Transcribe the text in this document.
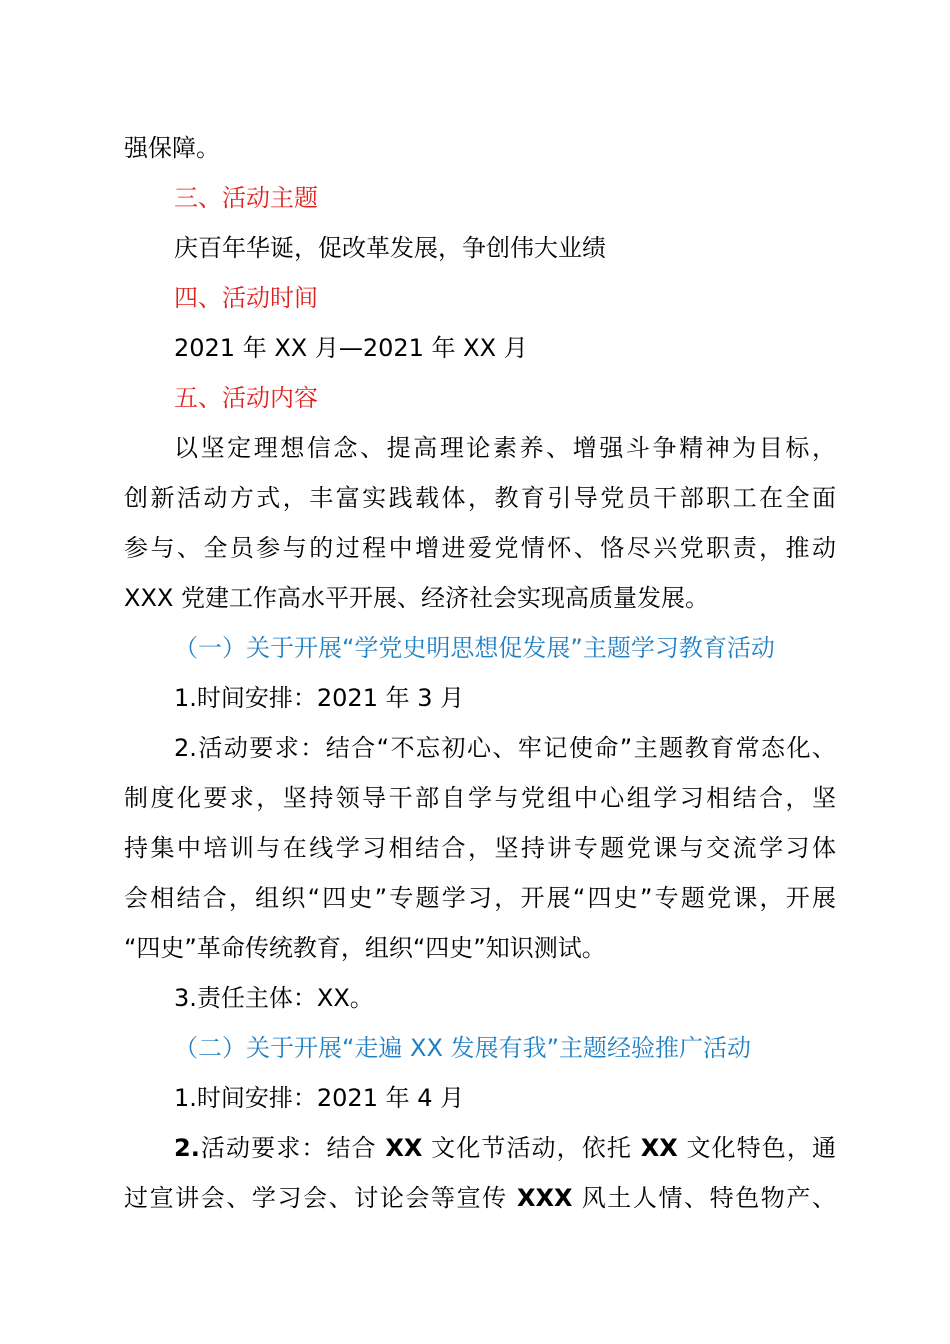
强保障。
三、活动主题
庆百年华诞，促改革发展，争创伟大业绩
四、活动时间
2021 年 XX 月—2021 年 XX 月
五、活动内容
以坚定理想信念、提高理论素养、增强斗争精神为目标，
创新活动方式，丰富实践载体，教育引导党员干部职工在全面
参与、全员参与的过程中增进爱党情怀、恪尽兴党职责，推动
XXX 党建工作高水平开展、经济社会实现高质量发展。
（一）关于开展“学党史明思想促发展”主题学习教育活动
1.时间安排：2021 年 3 月
2.活动要求：结合“不忘初心、牢记使命”主题教育常态化、
制度化要求，坚持领导干部自学与党组中心组学习相结合，坚
持集中培训与在线学习相结合，坚持讲专题党课与交流学习体
会相结合，组织“四史”专题学习，开展“四史”专题党课，开展
“四史”革命传统教育，组织“四史”知识测试。
3.责任主体：XX。
（二）关于开展“走遍 XX 发展有我”主题经验推广活动
1.时间安排：2021 年 4 月
2.活动要求：结合 XX 文化节活动，依托 XX 文化特色，通
过宣讲会、学习会、讨论会等宣传 XXX 风土人情、特色物产、
